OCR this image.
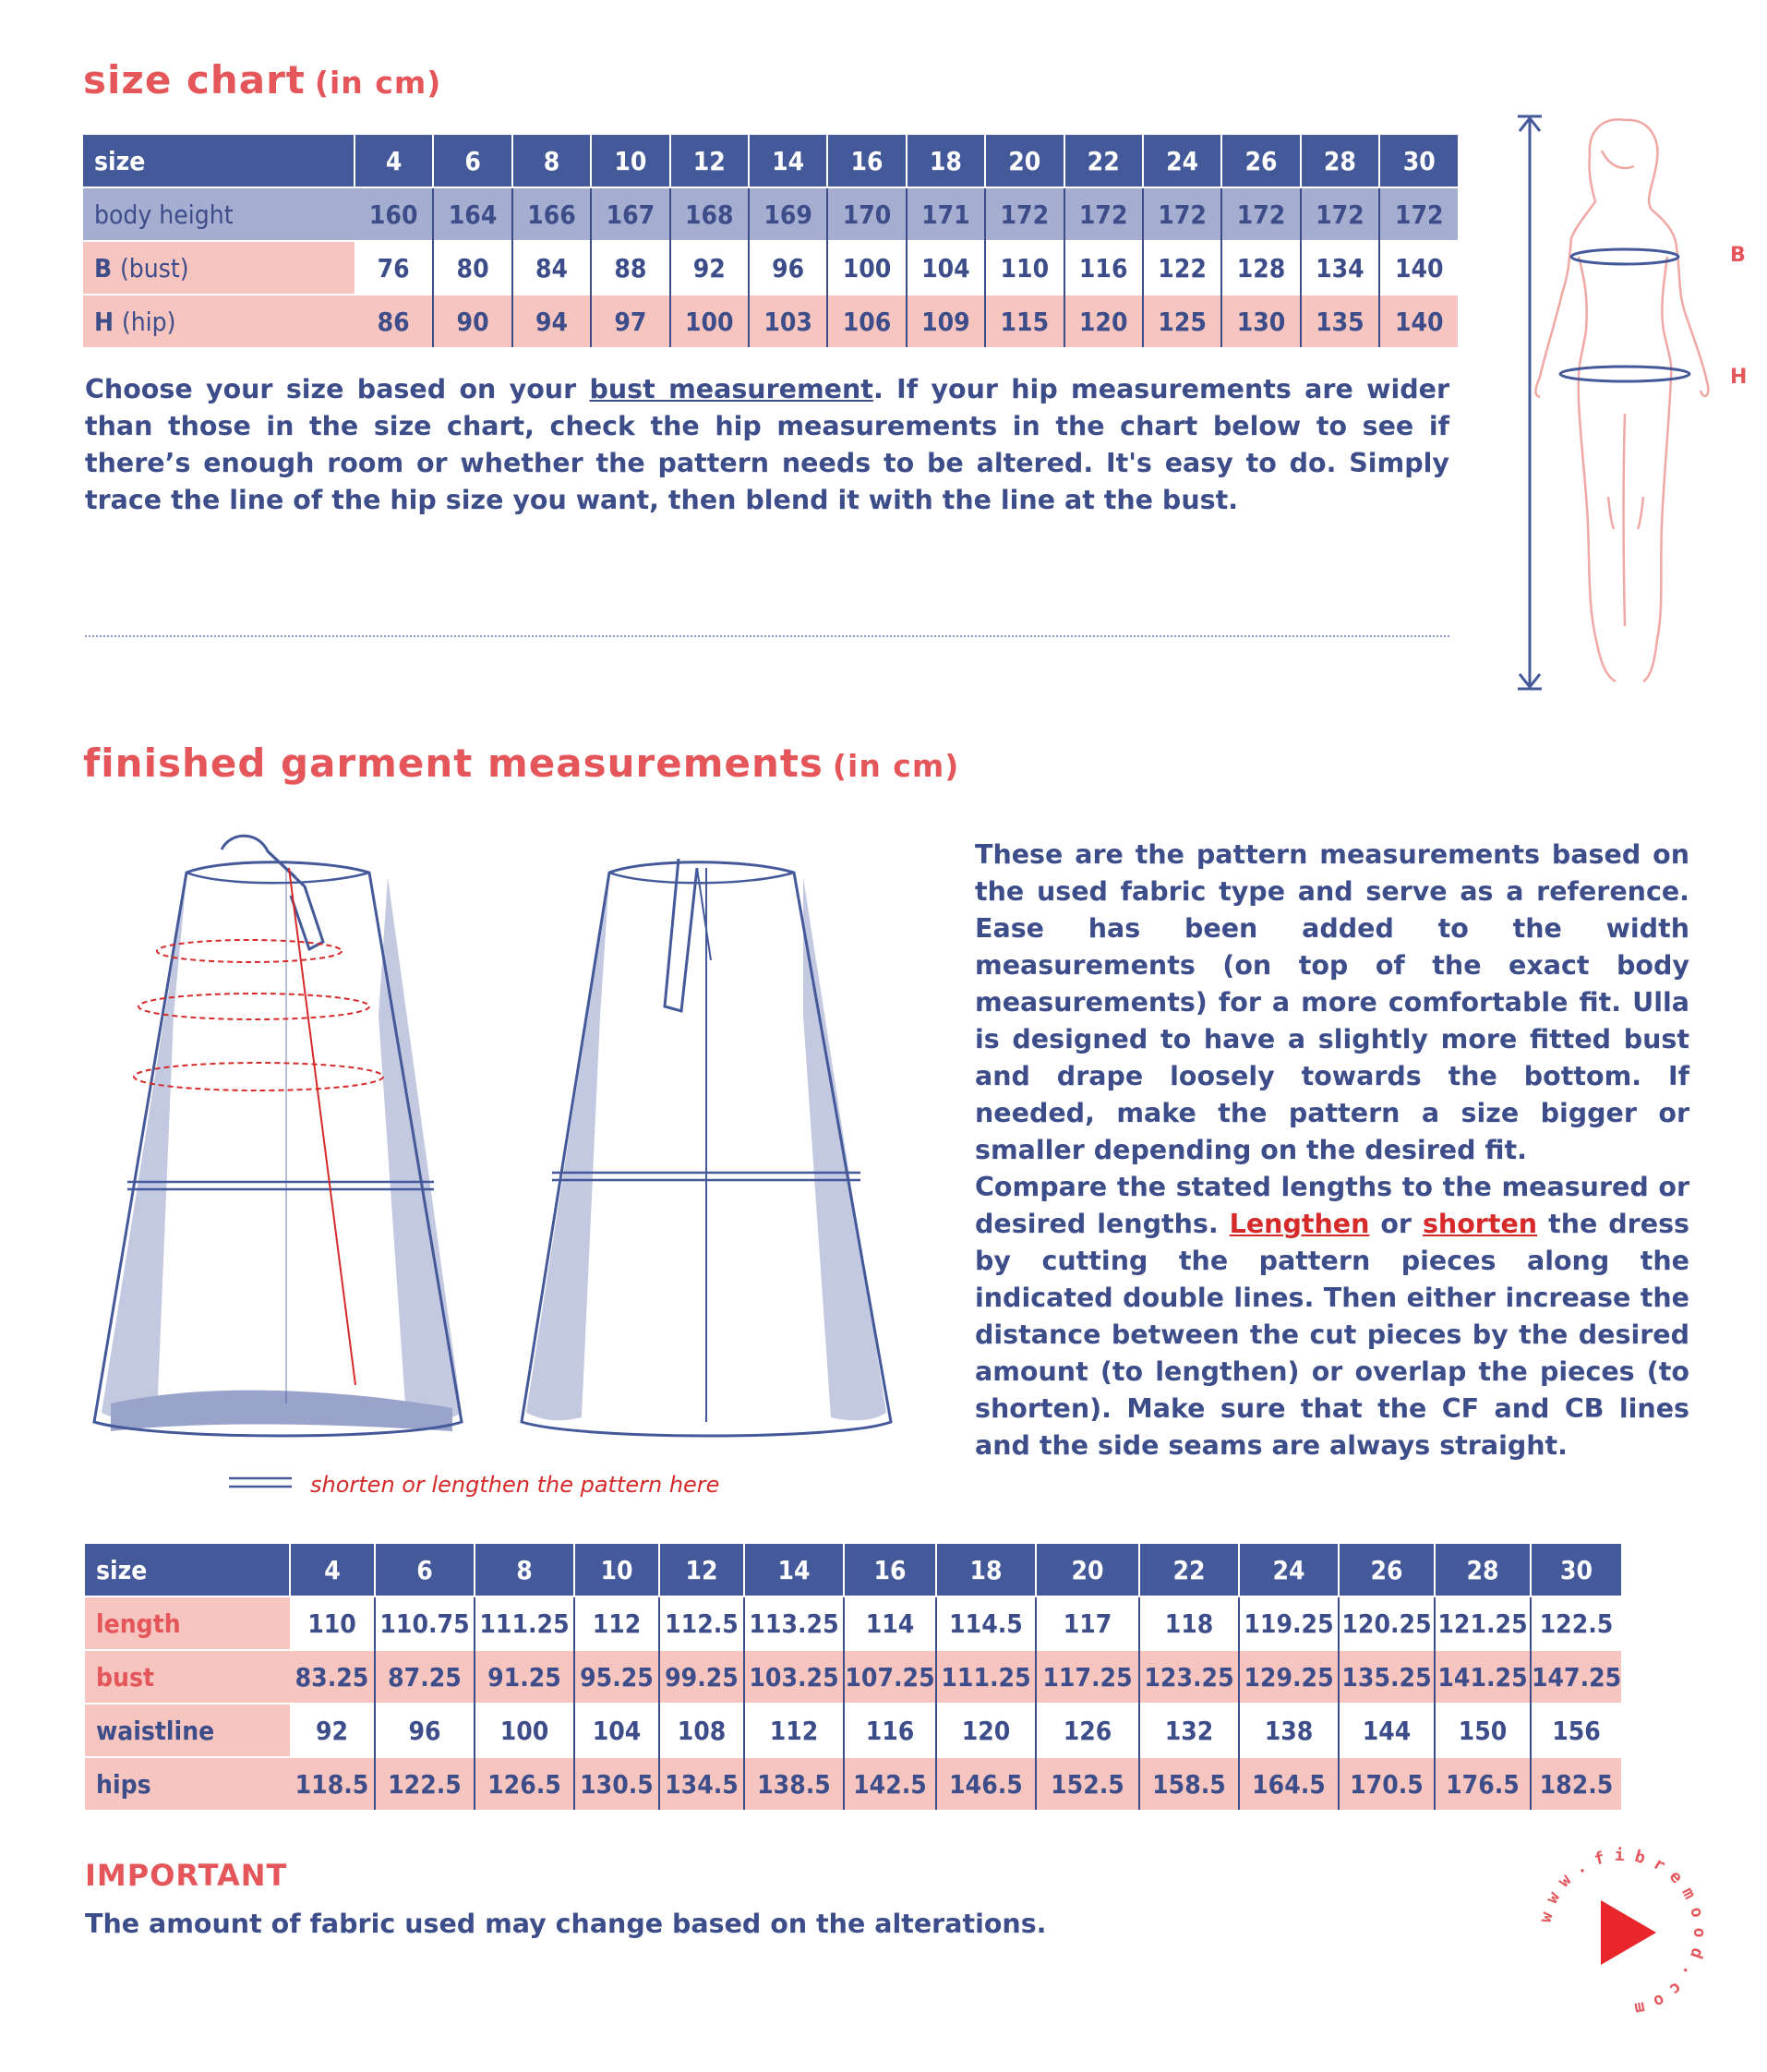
size chart (in cm)
size	4	6	8	10	12	14	16	18	20	22	24	26	28	30
body height	160	164	166	167	168	169	170	171	172	172	172	172	172	172
B (bust)	76	80	84	88	92	96	100	104	110	116	122	128	134	140
H (hip)	86	90	94	97	100	103	106	109	115	120	125	130	135	140

Choose your size based on your bust measurement. If your hip measurements are wider than those in the size chart, check the hip measurements in the chart below to see if there’s enough room or whether the pattern needs to be altered. It's easy to do. Simply trace the line of the hip size you want, then blend it with the line at the bust.

B
H
finished garment measurements (in cm)
shorten or lengthen the pattern here

These are the pattern measurements based on the used fabric type and serve as a reference. Ease has been added to the width measurements (on top of the exact body measurements) for a more comfortable fit. Ulla is designed to have a slightly more fitted bust and drape loosely towards the bottom. If needed, make the pattern a size bigger or smaller depending on the desired fit.

Compare the stated lengths to the measured or desired lengths. Lengthen or shorten the dress by cutting the pattern pieces along the indicated double lines. Then either increase the distance between the cut pieces by the desired amount (to lengthen) or overlap the pieces (to shorten). Make sure that the CF and CB lines and the side seams are always straight.

size	4	6	8	10	12	14	16	18	20	22	24	26	28	30
length	110	110.75	111.25	112	112.5	113.25	114	114.5	117	118	119.25	120.25	121.25	122.5
bust	83.25	87.25	91.25	95.25	99.25	103.25	107.25	111.25	117.25	123.25	129.25	135.25	141.25	147.25
waistline	92	96	100	104	108	112	116	120	126	132	138	144	150	156
hips	118.5	122.5	126.5	130.5	134.5	138.5	142.5	146.5	152.5	158.5	164.5	170.5	176.5	182.5
IMPORTANT
The amount of fabric used may change based on the alterations.	www.fibremood.com
